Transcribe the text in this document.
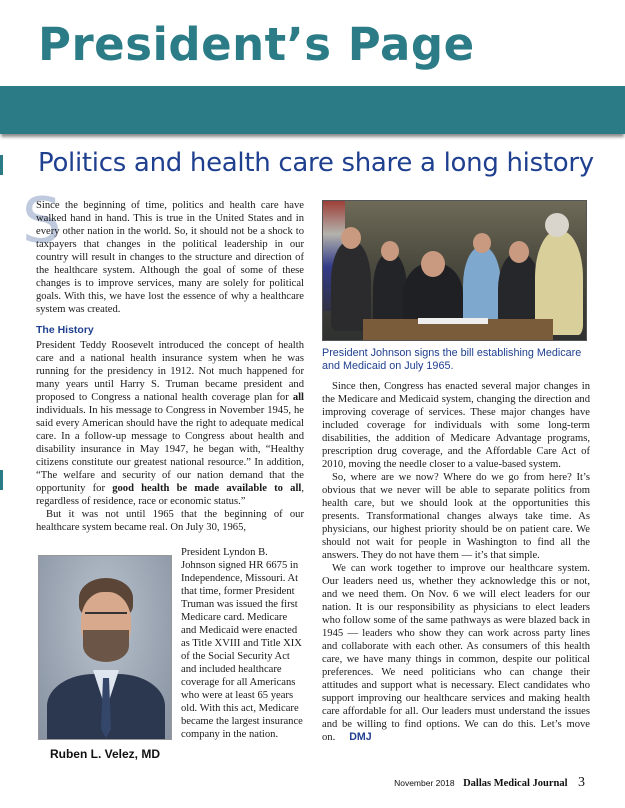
President’s Page
Politics and health care share a long history
S

Since the beginning of time, politics and health care have walked hand in hand. This is true in the United States and in every other nation in the world. So, it should not be a shock to taxpayers that changes in the political leadership in our country will result in changes to the structure and direction of the healthcare system. Although the goal of some of these changes is to improve services, many are solely for political goals. With this, we have lost the essence of why a healthcare system was created.

The History

President Teddy Roosevelt introduced the concept of health care and a national health insurance system when he was running for the presidency in 1912. Not much happened for many years until Harry S. Truman became president and proposed to Congress a national health coverage plan for all individuals. In his message to Congress in November 1945, he said every American should have the right to adequate medical care. In a follow-up message to Congress about health and disability insurance in May 1947, he began with, “Healthy citizens constitute our greatest national resource.” In addition, “The welfare and security of our nation demand that the opportunity for good health be made available to all, regardless of residence, race or economic status.”

But it was not until 1965 that the beginning of our healthcare system became real. On July 30, 1965,

President Lyndon B. Johnson signed HR 6675 in Independence, Missouri. At that time, former President Truman was issued the first Medicare card. Medicare and Medicaid were enacted as Title XVIII and Title XIX of the Social Security Act and included healthcare coverage for all Americans who were at least 65 years old. With this act, Medicare became the largest insurance company in the nation.

Ruben L. Velez, MD
President Johnson signs the bill establishing Medicare and Medicaid on July 1965.

Since then, Congress has enacted several major changes in the Medicare and Medicaid system, changing the direction and improving coverage of services. These major changes have included coverage for individuals with some long-term disabilities, the addition of Medicare Advantage programs, prescription drug coverage, and the Affordable Care Act of 2010, moving the needle closer to a value-based system.

So, where are we now? Where do we go from here? It’s obvious that we never will be able to separate politics from health care, but we should look at the opportunities this presents. Transformational changes always take time. As physicians, our highest priority should be on patient care. We should not wait for people in Washington to find all the answers. They do not have them — it’s that simple.

We can work together to improve our healthcare system. Our leaders need us, whether they acknowledge this or not, and we need them. On Nov. 6 we will elect leaders for our nation. It is our responsibility as physicians to elect leaders who follow some of the same pathways as were blazed back in 1945 — leaders who show they can work across party lines and collaborate with each other. As consumers of this health care, we have many things in common, despite our political preferences. We need politicians who can change their attitudes and support what is necessary. Elect candidates who support improving our healthcare services and making health care affordable for all. Our leaders must understand the issues and be willing to find options. We can do this. Let’s move on. DMJ

November 2018 Dallas Medical Journal 3
